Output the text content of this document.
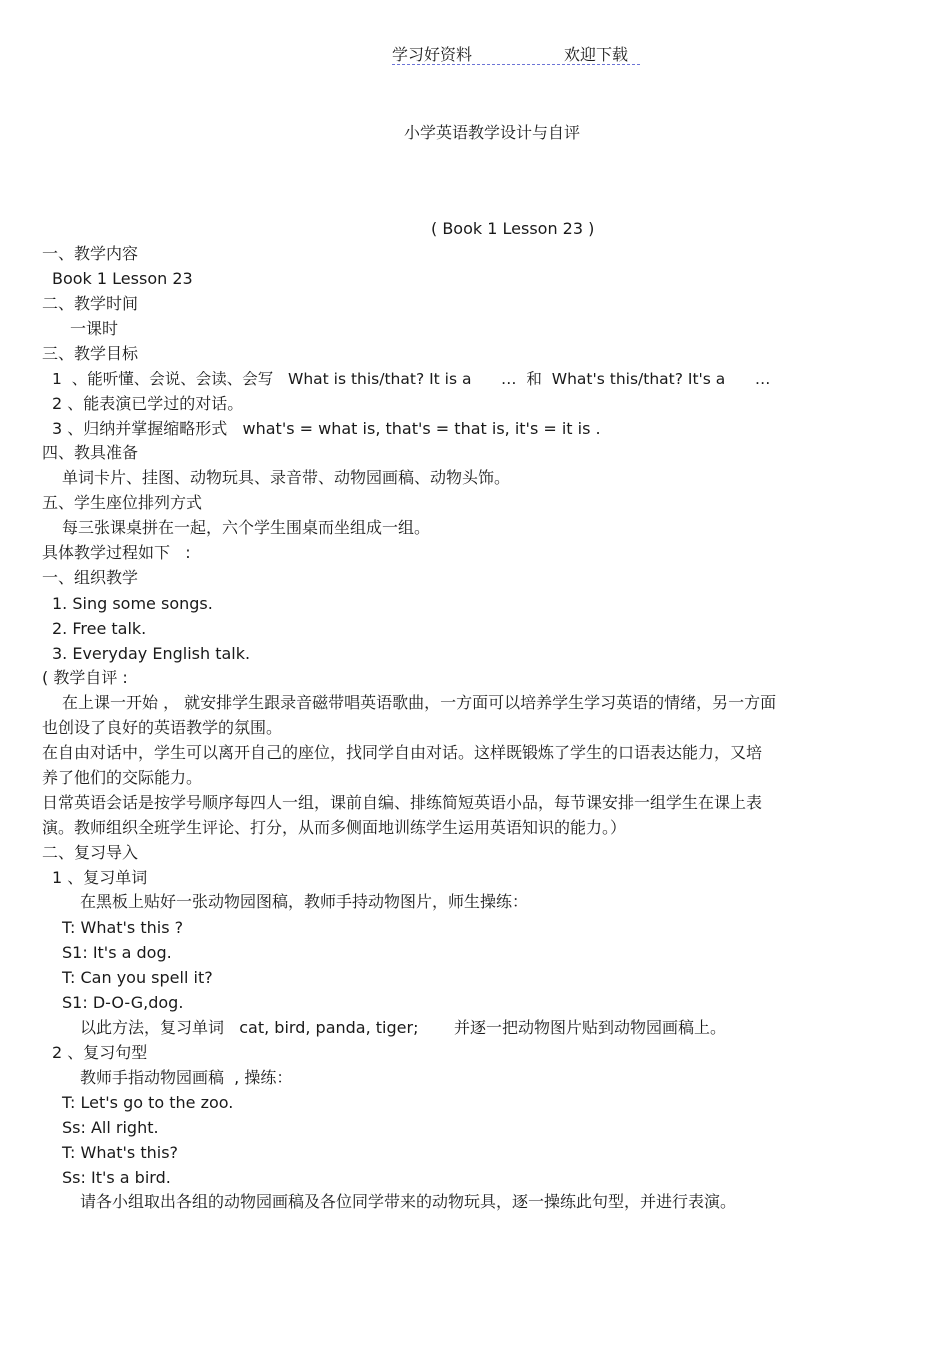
学习好资料	欢迎下载
小学英语教学设计与自评
( Book 1 Lesson 23 )
一、教学内容
Book 1 Lesson 23
二、教学时间
一课时
三、教学目标
1  、能听懂、会说、会读、会写   What is this/that? It is a      …  和  What's this/that? It's a      …
2 、能表演已学过的对话。
3 、归纳并掌握缩略形式   what's = what is, that's = that is, it's = it is .
四、教具准备
单词卡片、挂图、动物玩具、录音带、动物园画稿、动物头饰。
五、学生座位排列方式
每三张课桌拼在一起，六个学生围桌而坐组成一组。
具体教学过程如下   :
一、组织教学
1. Sing some songs.
2. Free talk.
3. Everyday English talk.
( 教学自评 :
在上课一开始 ， 就安排学生跟录音磁带唱英语歌曲，一方面可以培养学生学习英语的情绪，另一方面
也创设了良好的英语教学的氛围。
在自由对话中，学生可以离开自己的座位，找同学自由对话。这样既锻炼了学生的口语表达能力，又培
养了他们的交际能力。
日常英语会话是按学号顺序每四人一组，课前自编、排练简短英语小品，每节课安排一组学生在课上表
演。教师组织全班学生评论、打分，从而多侧面地训练学生运用英语知识的能力。）
二、复习导入
1 、复习单词
在黑板上贴好一张动物园图稿，教师手持动物图片，师生操练：
T: What's this ?
S1: It's a dog.
T: Can you spell it?
S1: D-O-G,dog.
以此方法，复习单词   cat, bird, panda, tiger;       并逐一把动物图片贴到动物园画稿上。
2 、复习句型
教师手指动物园画稿  , 操练：
T: Let's go to the zoo.
Ss: All right.
T: What's this?
Ss: It's a bird.
请各小组取出各组的动物园画稿及各位同学带来的动物玩具，逐一操练此句型，并进行表演。
